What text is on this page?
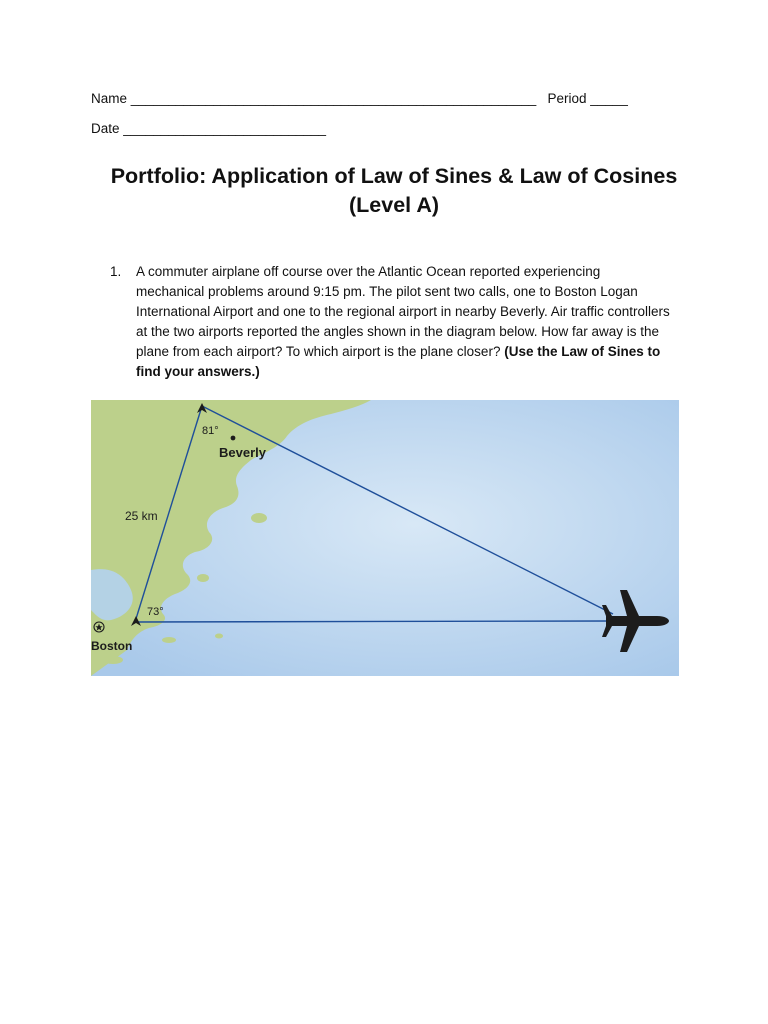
Name ______________________________________________________ Period _____
Date ___________________________
Portfolio: Application of Law of Sines & Law of Cosines
(Level A)
1. A commuter airplane off course over the Atlantic Ocean reported experiencing mechanical problems around 9:15 pm. The pilot sent two calls, one to Boston Logan International Airport and one to the regional airport in nearby Beverly. Air traffic controllers at the two airports reported the angles shown in the diagram below. How far away is the plane from each airport? To which airport is the plane closer? (Use the Law of Sines to find your answers.)
81°
Beverly
25 km
73°
Boston
